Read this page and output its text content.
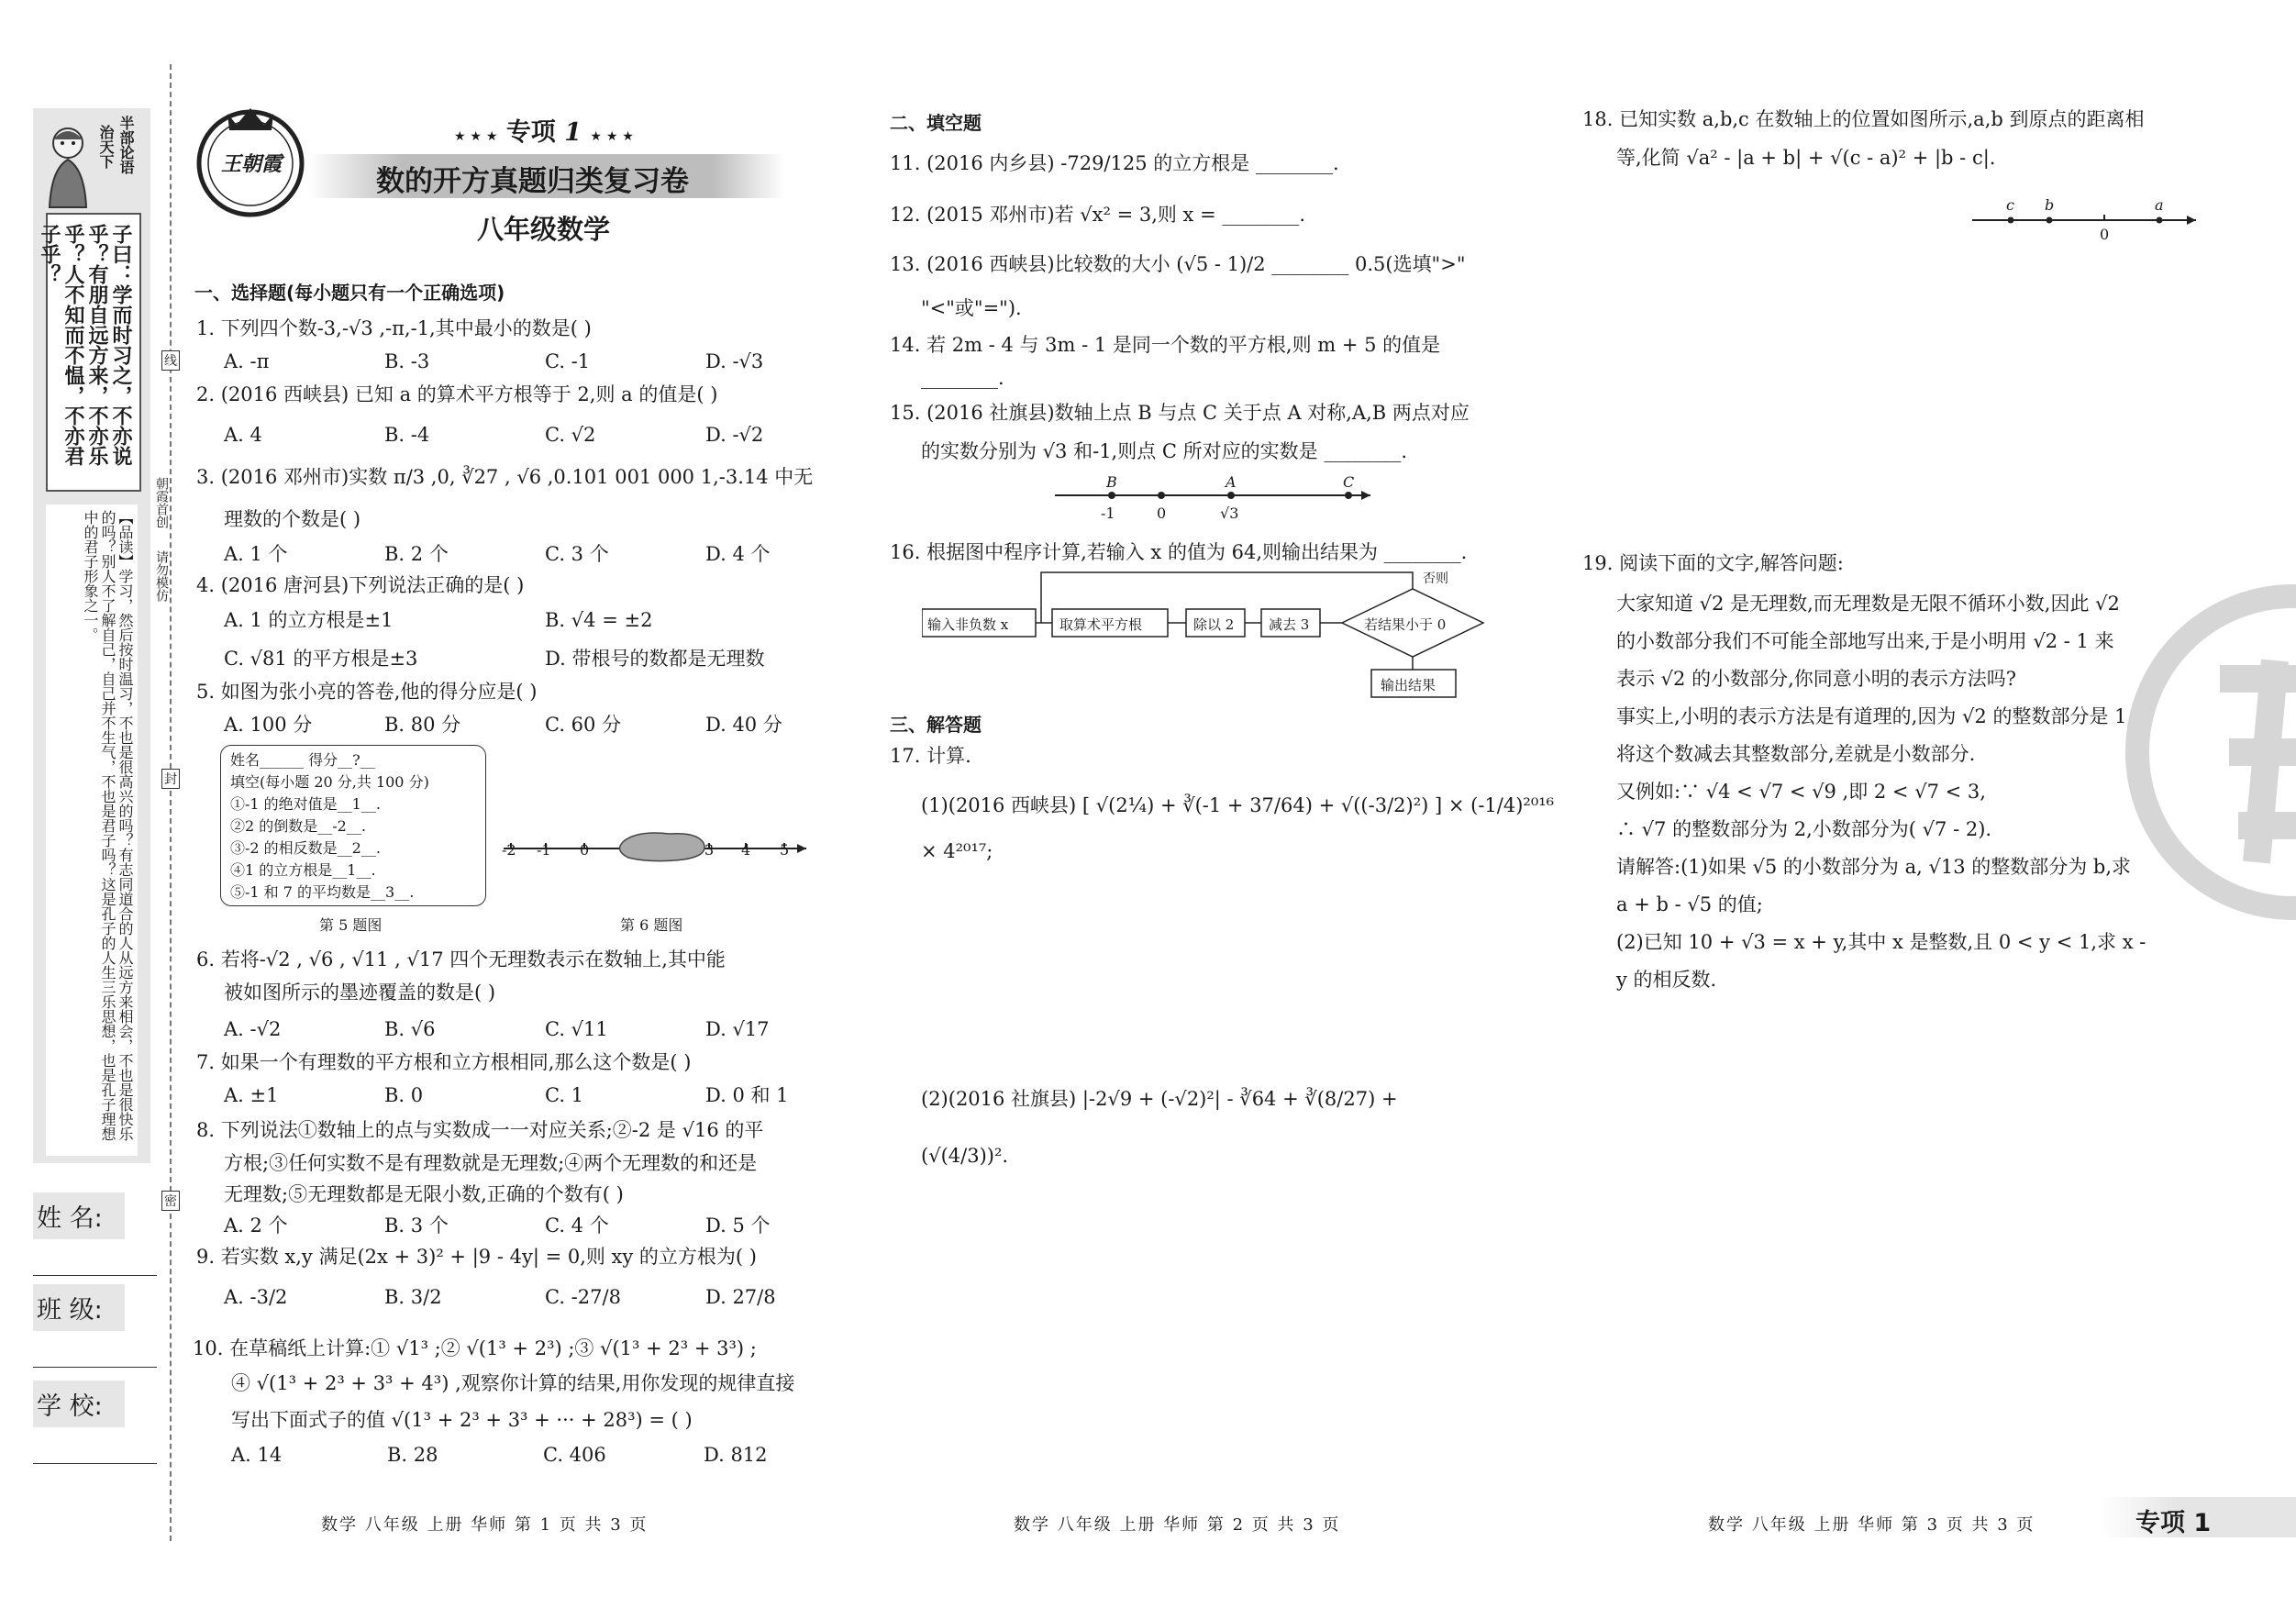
半部论语
治天下
子曰：学而时习之，不亦说乎？有朋自远方来，不亦乐乎？人不知而不愠，不亦君子乎？
【品读】学习，然后按时温习，不也是很高兴的吗？有志同道合的人从远方来相会，不也是很快乐的吗？别人不了解自己，自己并不生气，不也是君子吗？这是孔子的人生三乐思想，也是孔子理想中的君子形象之一。
朝霞首创
请勿模仿
姓 名:
班 级:
学 校:
线
封
密
王朝霞
★ ★ ★ 专项 1 ★ ★ ★
数的开方真题归类复习卷
八年级数学
一、选择题(每小题只有一个正确选项)
1. 下列四个数-3,-√3 ,-π,-1,其中最小的数是( )
A. -π	B. -3	C. -1	D. -√3
2. (2016 西峡县) 已知 a 的算术平方根等于 2,则 a 的值是( )
A. 4	B. -4	C. √2	D. -√2
3. (2016 邓州市)实数 π/3 ,0, ∛27 , √6 ,0.101 001 000 1,-3.14 中无
理数的个数是( )
A. 1 个	B. 2 个	C. 3 个	D. 4 个
4. (2016 唐河县)下列说法正确的是( )
A. 1 的立方根是±1	B. √4 = ±2
C. √81 的平方根是±3	D. 带根号的数都是无理数
5. 如图为张小亮的答卷,他的得分应是( )
A. 100 分	B. 80 分	C. 60 分	D. 40 分
姓名______ 得分__?__
填空(每小题 20 分,共 100 分)
①-1 的绝对值是__1__.
②2 的倒数是__-2__.
③-2 的相反数是__2__.
④1 的立方根是__1__.
⑤-1 和 7 的平均数是__3__.
第 5 题图
-2 -1 0	3 4 5
第 6 题图
6. 若将-√2 , √6 , √11 , √17 四个无理数表示在数轴上,其中能
被如图所示的墨迹覆盖的数是( )
A. -√2	B. √6	C. √11	D. √17
7. 如果一个有理数的平方根和立方根相同,那么这个数是( )
A. ±1	B. 0	C. 1	D. 0 和 1
8. 下列说法①数轴上的点与实数成一一对应关系;②-2 是 √16 的平
方根;③任何实数不是有理数就是无理数;④两个无理数的和还是
无理数;⑤无理数都是无限小数,正确的个数有( )
A. 2 个	B. 3 个	C. 4 个	D. 5 个
9. 若实数 x,y 满足(2x + 3)² + |9 - 4y| = 0,则 xy 的立方根为( )
A. -3/2	B. 3/2	C. -27/8	D. 27/8
10. 在草稿纸上计算:① √1³ ;② √(1³ + 2³) ;③ √(1³ + 2³ + 3³) ;
④ √(1³ + 2³ + 3³ + 4³) ,观察你计算的结果,用你发现的规律直接
写出下面式子的值 √(1³ + 2³ + 3³ + ··· + 28³) = ( )
A. 14	B. 28	C. 406	D. 812
数学 八年级 上册 华师 第 1 页 共 3 页
二、填空题
11. (2016 内乡县) -729/125 的立方根是 ________.
12. (2015 邓州市)若 √x² = 3,则 x = ________.
13. (2016 西峡县)比较数的大小 (√5 - 1)/2 ________ 0.5(选填">"
"<"或"=").
14. 若 2m - 4 与 3m - 1 是同一个数的平方根,则 m + 5 的值是
________.
15. (2016 社旗县)数轴上点 B 与点 C 关于点 A 对称,A,B 两点对应
的实数分别为 √3 和-1,则点 C 所对应的实数是 ________.
B	A	C
-1	0	√3
16. 根据图中程序计算,若输入 x 的值为 64,则输出结果为 ________.
输入非负数 x	取算术平方根	除以 2	减去 3	若结果小于 0
输出结果
否则
三、解答题
17. 计算.
(1)(2016 西峡县) [ √(2¼) + ∛(-1 + 37/64) + √((-3/2)²) ] × (-1/4)²⁰¹⁶
× 4²⁰¹⁷;
(2)(2016 社旗县) |-2√9 + (-√2)²| - ∛64 + ∛(8/27) +
(√(4/3))².
数学 八年级 上册 华师 第 2 页 共 3 页
18. 已知实数 a,b,c 在数轴上的位置如图所示,a,b 到原点的距离相
等,化简 √a² - |a + b| + √(c - a)² + |b - c|.
c b	a
0
19. 阅读下面的文字,解答问题:
大家知道 √2 是无理数,而无理数是无限不循环小数,因此 √2
的小数部分我们不可能全部地写出来,于是小明用 √2 - 1 来
表示 √2 的小数部分,你同意小明的表示方法吗?
事实上,小明的表示方法是有道理的,因为 √2 的整数部分是 1,
将这个数减去其整数部分,差就是小数部分.
又例如:∵ √4 < √7 < √9 ,即 2 < √7 < 3,
∴ √7 的整数部分为 2,小数部分为( √7 - 2).
请解答:(1)如果 √5 的小数部分为 a, √13 的整数部分为 b,求
a + b - √5 的值;
(2)已知 10 + √3 = x + y,其中 x 是整数,且 0 < y < 1,求 x -
y 的相反数.
数学 八年级 上册 华师 第 3 页 共 3 页	专项 1
